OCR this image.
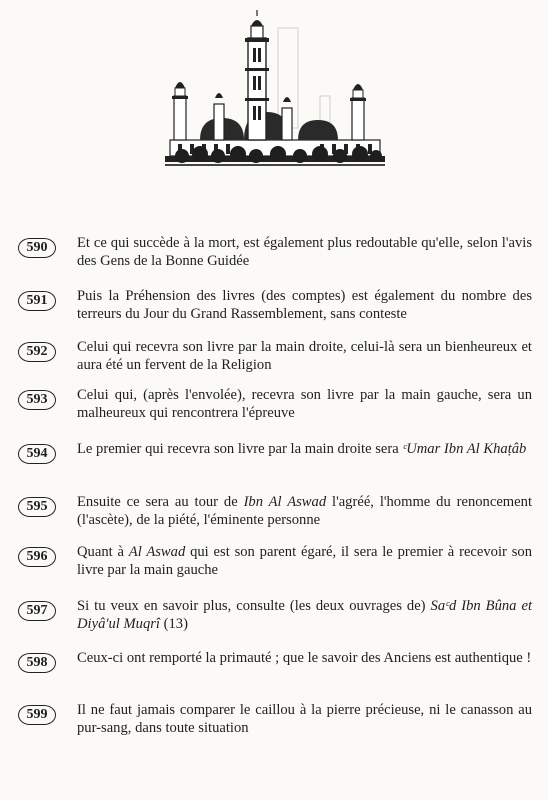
590	Et ce qui succède à la mort, est également plus redoutable qu'elle, selon l'avis des Gens de la Bonne Guidée
591	Puis la Préhension des livres (des comptes) est également du nombre des terreurs du Jour du Grand Rassemblement, sans conteste
592	Celui qui recevra son livre par la main droite, celui-là sera un bienheureux et aura été un fervent de la Religion
593	Celui qui, (après l'envolée), recevra son livre par la main gauche, sera un malheureux qui rencontrera l'épreuve
594	Le premier qui recevra son livre par la main droite sera ᶜUmar Ibn Al Khaṭâb
595	Ensuite ce sera au tour de Ibn Al Aswad l'agréé, l'homme du renoncement (l'ascète), de la piété, l'éminente personne
596	Quant à Al Aswad qui est son parent égaré, il sera le premier à recevoir son livre par la main gauche
597	Si tu veux en savoir plus, consulte (les deux ouvrages de) Saᶜd Ibn Bûna et Diyâ'ul Muqrî (13)
598	Ceux-ci ont remporté la primauté ; que le savoir des Anciens est authentique !
599	Il ne faut jamais comparer le caillou à la pierre précieuse, ni le canasson au pur-sang, dans toute situation
